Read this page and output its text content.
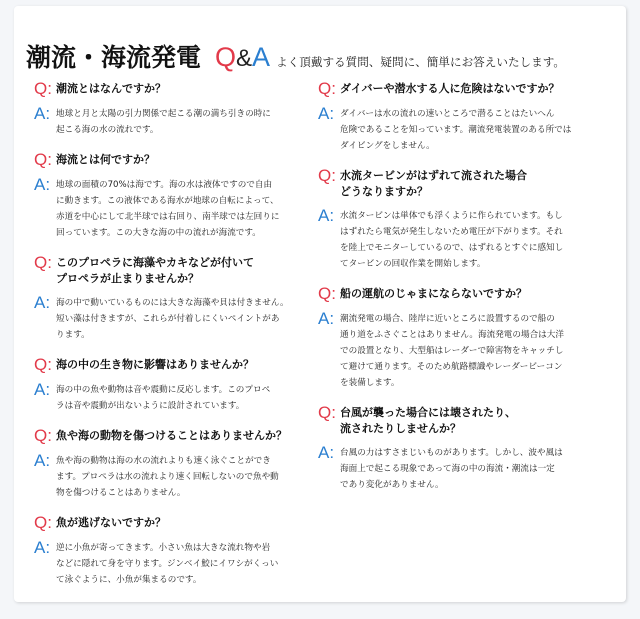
潮流・海流発電 Q&A よく頂戴する質問、疑問に、簡単にお答えいたします。
Q: 潮流とはなんですか？
A: 地球と月と太陽の引力関係で起こる潮の満ち引きの時に
起こる海の水の流れです。
Q: 海流とは何ですか？
A: 地球の面積の70%は海です。海の水は液体ですので自由
に動きます。この液体である海水が地球の自転によって、
赤道を中心にして北半球では右回り、南半球では左回りに
回っています。この大きな海の中の流れが海流です。
Q: このプロペラに海藻やカキなどが付いて
プロペラが止まりませんか？
A: 海の中で動いているものには大きな海藻や貝は付きません。
短い藻は付きますが、これらが付着しにくいペイントがあ
ります。
Q: 海の中の生き物に影響はありませんか？
A: 海の中の魚や動物は音や震動に反応します。このプロペ
ラは音や震動が出ないように設計されています。
Q: 魚や海の動物を傷つけることはありませんか？
A: 魚や海の動物は海の水の流れよりも速く泳ぐことができ
ます。プロペラは水の流れより速く回転しないので魚や動
物を傷つけることはありません。
Q: 魚が逃げないですか？
A: 逆に小魚が寄ってきます。小さい魚は大きな流れ物や岩
などに隠れて身を守ります。ジンベイ鮫にイワシがくっい
て泳ぐように、小魚が集まるのです。
Q: ダイバーや潜水する人に危険はないですか？
A: ダイバーは水の流れの速いところで潜ることはたいへん
危険であることを知っています。潮流発電装置のある所では
ダイビングをしません。
Q: 水流タービンがはずれて流された場合
どうなりますか？
A: 水流タービンは単体でも浮くように作られています。もし
はずれたら電気が発生しないため電圧が下がります。それ
を陸上でモニターしているので、はずれるとすぐに感知し
てタービンの回収作業を開始します。
Q: 船の運航のじゃまにならないですか？
A: 潮流発電の場合、陸岸に近いところに設置するので船の
通り道をふさぐことはありません。海流発電の場合は大洋
での設置となり、大型船はレーダーで障害物をキャッチし
て避けて通ります。そのため航路標識やレーダービーコン
を装備します。
Q: 台風が襲った場合には壊されたり、
流されたりしませんか？
A: 台風の力はすさまじいものがあります。しかし、波や風は
海面上で起こる現象であって海の中の海流・潮流は一定
であり変化がありません。
